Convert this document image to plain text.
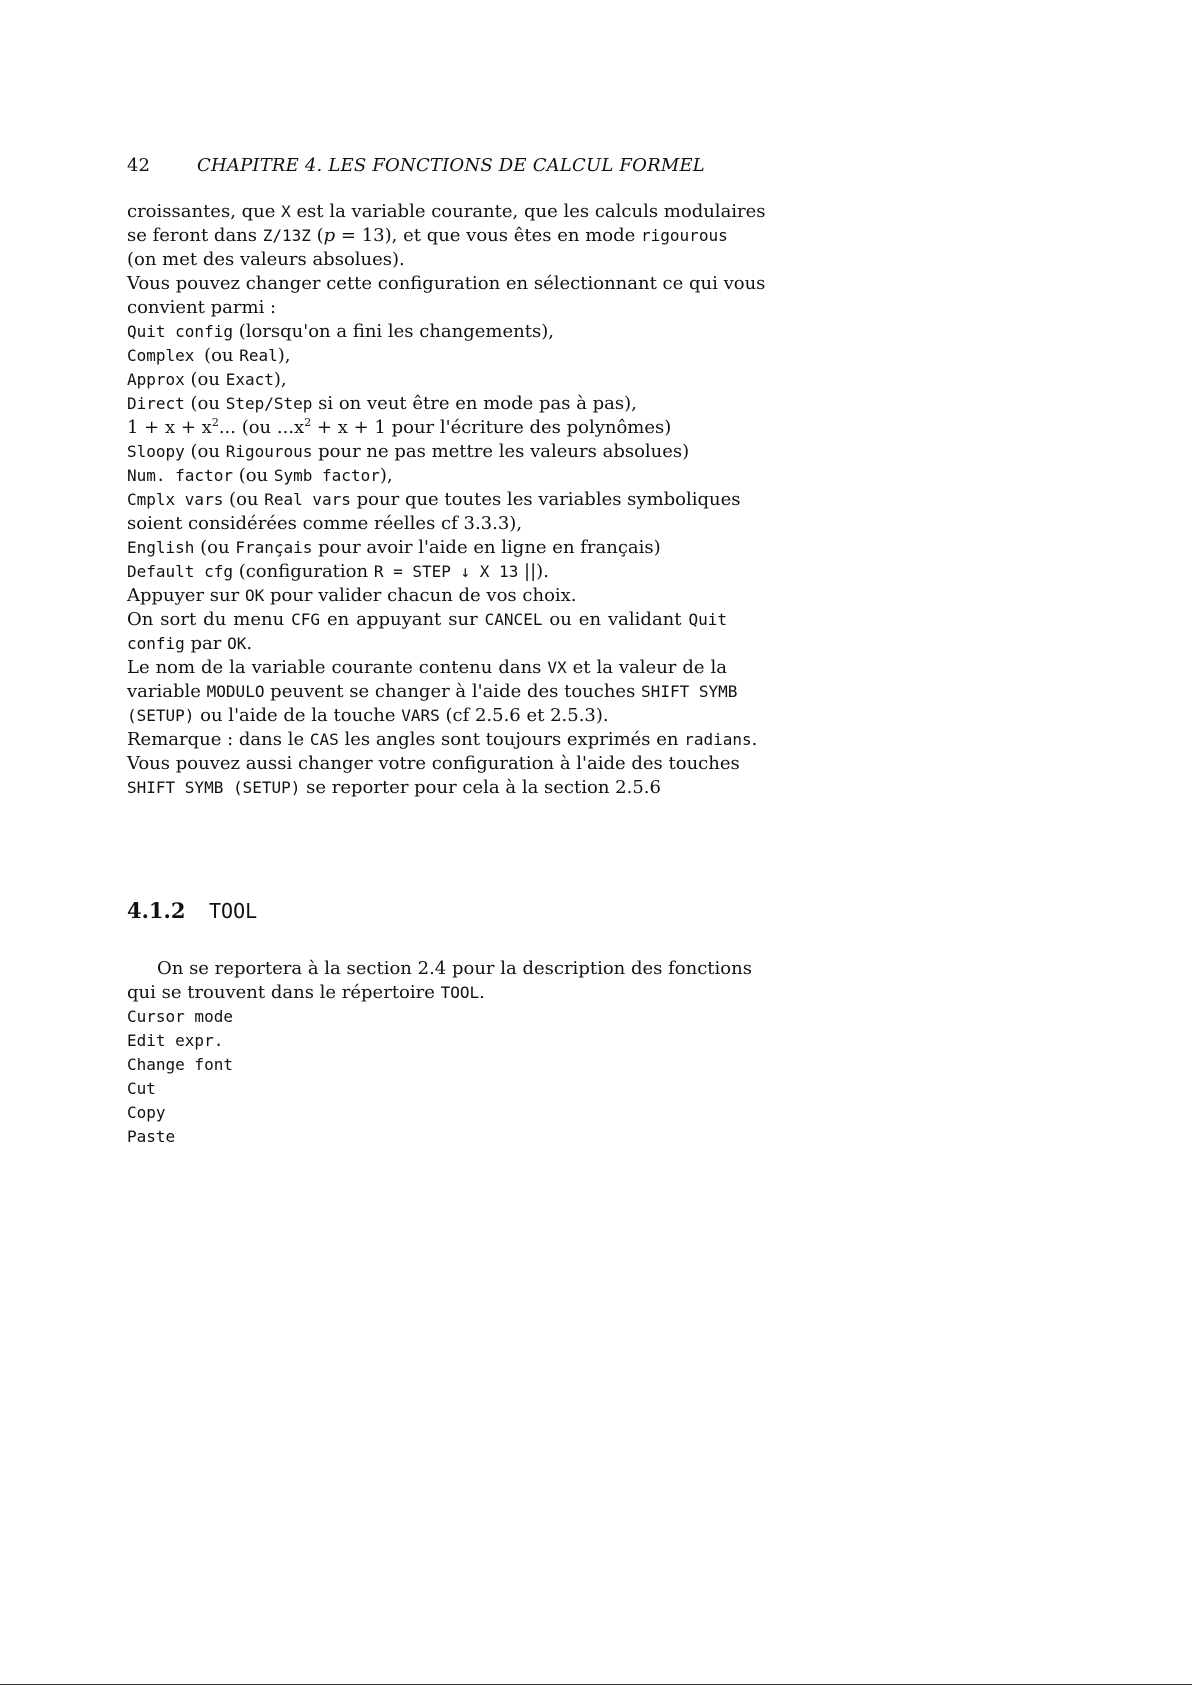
42	CHAPITRE 4. LES FONCTIONS DE CALCUL FORMEL
croissantes, que X est la variable courante, que les calculs modulaires
se feront dans Z/13Z (p = 13), et que vous êtes en mode rigourous
(on met des valeurs absolues).
Vous pouvez changer cette configuration en sélectionnant ce qui vous
convient parmi :
Quit config (lorsqu'on a fini les changements),
Complex (ou Real),
Approx (ou Exact),
Direct (ou Step/Step si on veut être en mode pas à pas),
$1 + x + x^2$... (ou $...x^2 + x + 1$ pour l'écriture des polynômes)
Sloopy (ou Rigourous pour ne pas mettre les valeurs absolues)
Num. factor (ou Symb factor),
Cmplx vars (ou Real vars pour que toutes les variables symboliques
soient considérées comme réelles cf 3.3.3),
English (ou Français pour avoir l'aide en ligne en français)
Default cfg (configuration R = STEP ↓ X 13 ||).
Appuyer sur OK pour valider chacun de vos choix.
On sort du menu CFG en appuyant sur CANCEL ou en validant Quit
config par OK.
Le nom de la variable courante contenu dans VX et la valeur de la
variable MODULO peuvent se changer à l'aide des touches SHIFT SYMB
(SETUP) ou l'aide de la touche VARS (cf 2.5.6 et 2.5.3).
Remarque : dans le CAS les angles sont toujours exprimés en radians.
Vous pouvez aussi changer votre configuration à l'aide des touches
SHIFT SYMB (SETUP) se reporter pour cela à la section 2.5.6
4.1.2 TOOL
On se reportera à la section 2.4 pour la description des fonctions
qui se trouvent dans le répertoire TOOL.
Cursor mode
Edit expr.
Change font
Cut
Copy
Paste
